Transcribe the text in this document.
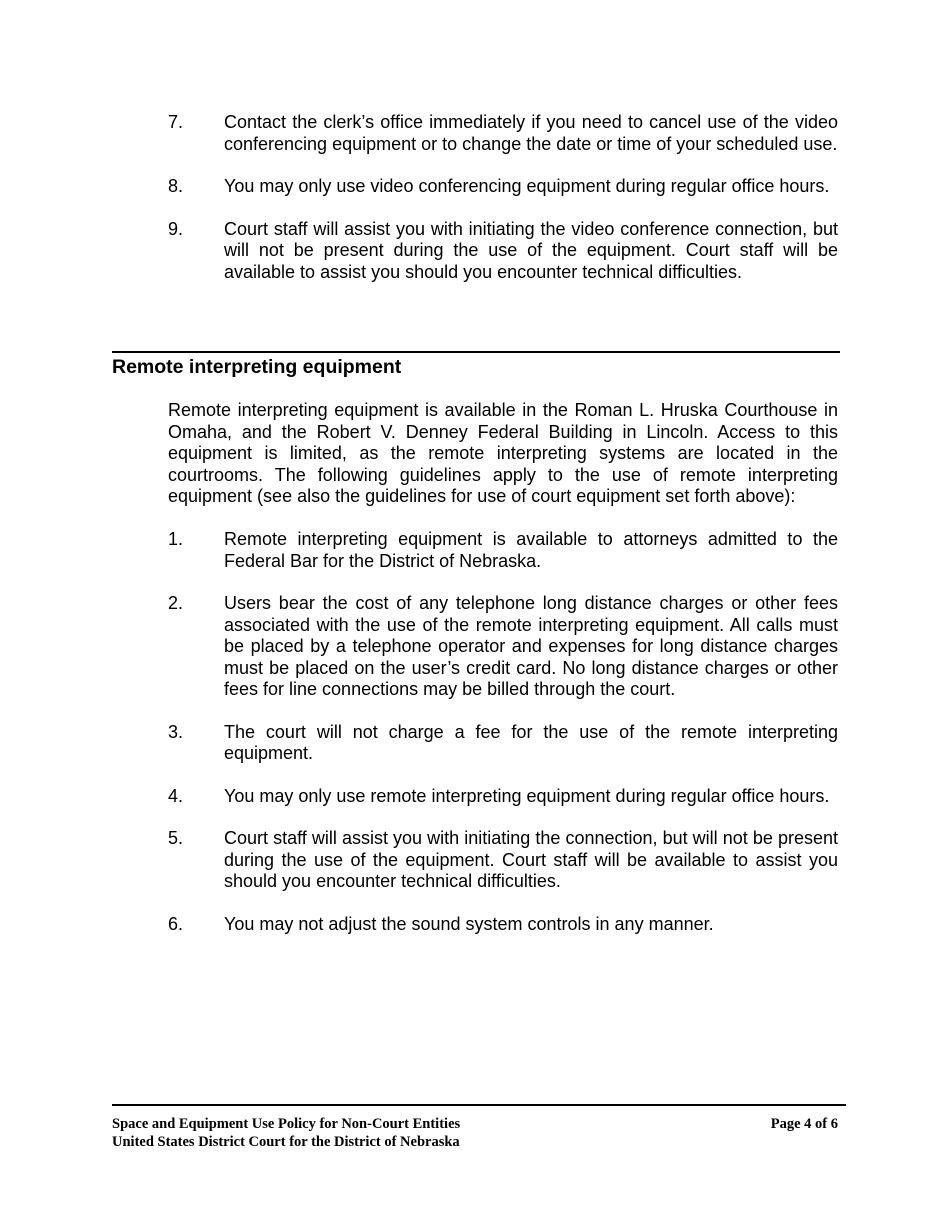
7. Contact the clerk’s office immediately if you need to cancel use of the video conferencing equipment or to change the date or time of your scheduled use.
8. You may only use video conferencing equipment during regular office hours.
9. Court staff will assist you with initiating the video conference connection, but will not be present during the use of the equipment. Court staff will be available to assist you should you encounter technical difficulties.
Remote interpreting equipment
Remote interpreting equipment is available in the Roman L. Hruska Courthouse in Omaha, and the Robert V. Denney Federal Building in Lincoln. Access to this equipment is limited, as the remote interpreting systems are located in the courtrooms. The following guidelines apply to the use of remote interpreting equipment (see also the guidelines for use of court equipment set forth above):
1. Remote interpreting equipment is available to attorneys admitted to the Federal Bar for the District of Nebraska.
2. Users bear the cost of any telephone long distance charges or other fees associated with the use of the remote interpreting equipment. All calls must be placed by a telephone operator and expenses for long distance charges must be placed on the user’s credit card. No long distance charges or other fees for line connections may be billed through the court.
3. The court will not charge a fee for the use of the remote interpreting equipment.
4. You may only use remote interpreting equipment during regular office hours.
5. Court staff will assist you with initiating the connection, but will not be present during the use of the equipment. Court staff will be available to assist you should you encounter technical difficulties.
6. You may not adjust the sound system controls in any manner.
Space and Equipment Use Policy for Non-Court Entities	Page 4 of 6
United States District Court for the District of Nebraska
